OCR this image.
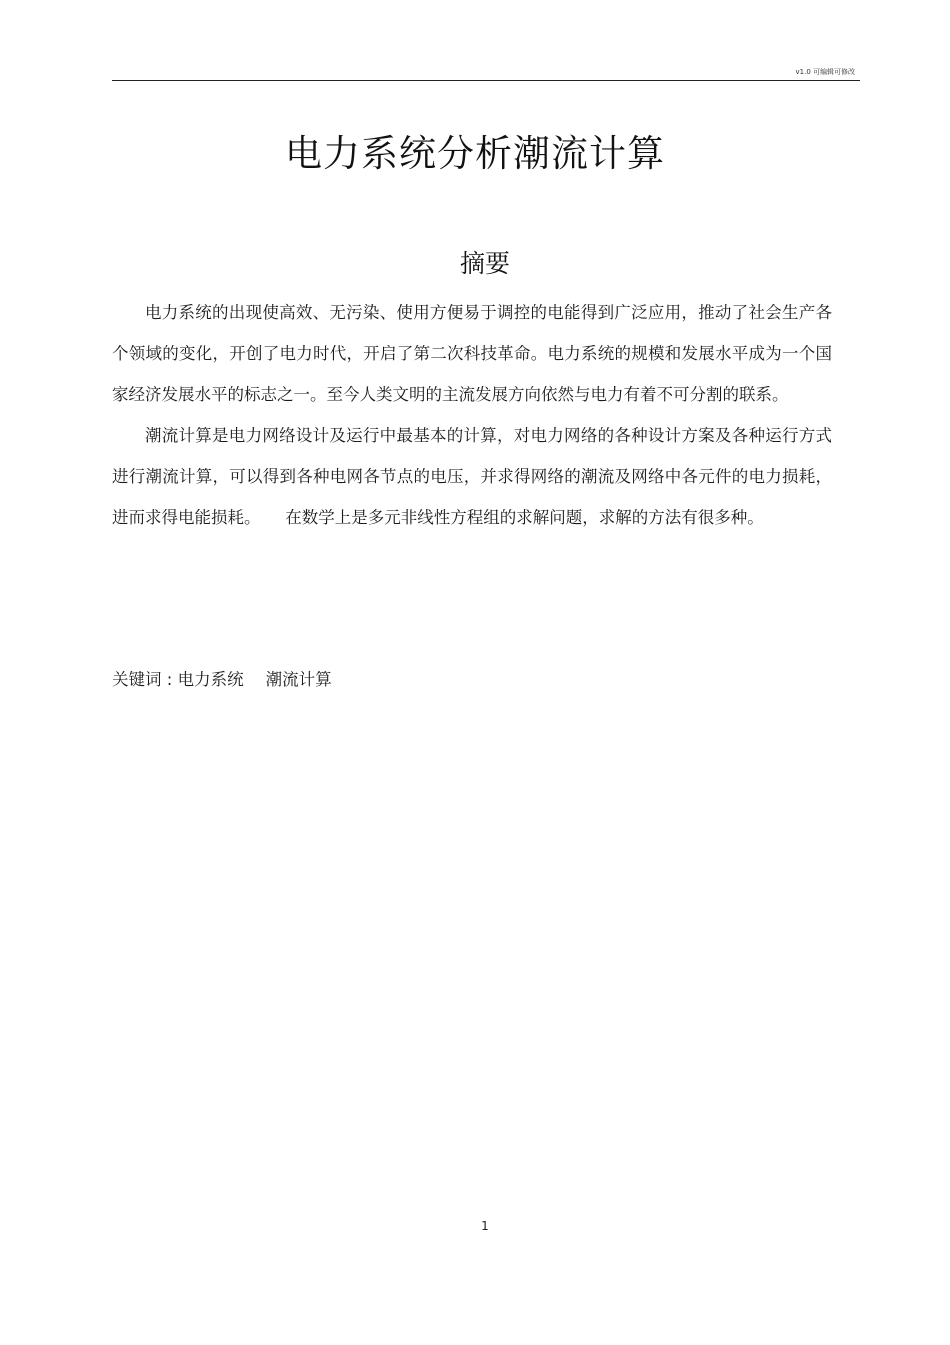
v1.0 可编辑可修改
电力系统分析潮流计算
摘要

电力系统的出现使高效、无污染、使用方便易于调控的电能得到广泛应用，推动了社会生产各个领域的变化，开创了电力时代，开启了第二次科技革命。电力系统的规模和发展水平成为一个国家经济发展水平的标志之一。至今人类文明的主流发展方向依然与电力有着不可分割的联系。

潮流计算是电力网络设计及运行中最基本的计算，对电力网络的各种设计方案及各种运行方式进行潮流计算，可以得到各种电网各节点的电压，并求得网络的潮流及网络中各元件的电力损耗，进而求得电能损耗。　　在数学上是多元非线性方程组的求解问题，求解的方法有很多种。

关键词 : 电力系统 潮流计算
1
